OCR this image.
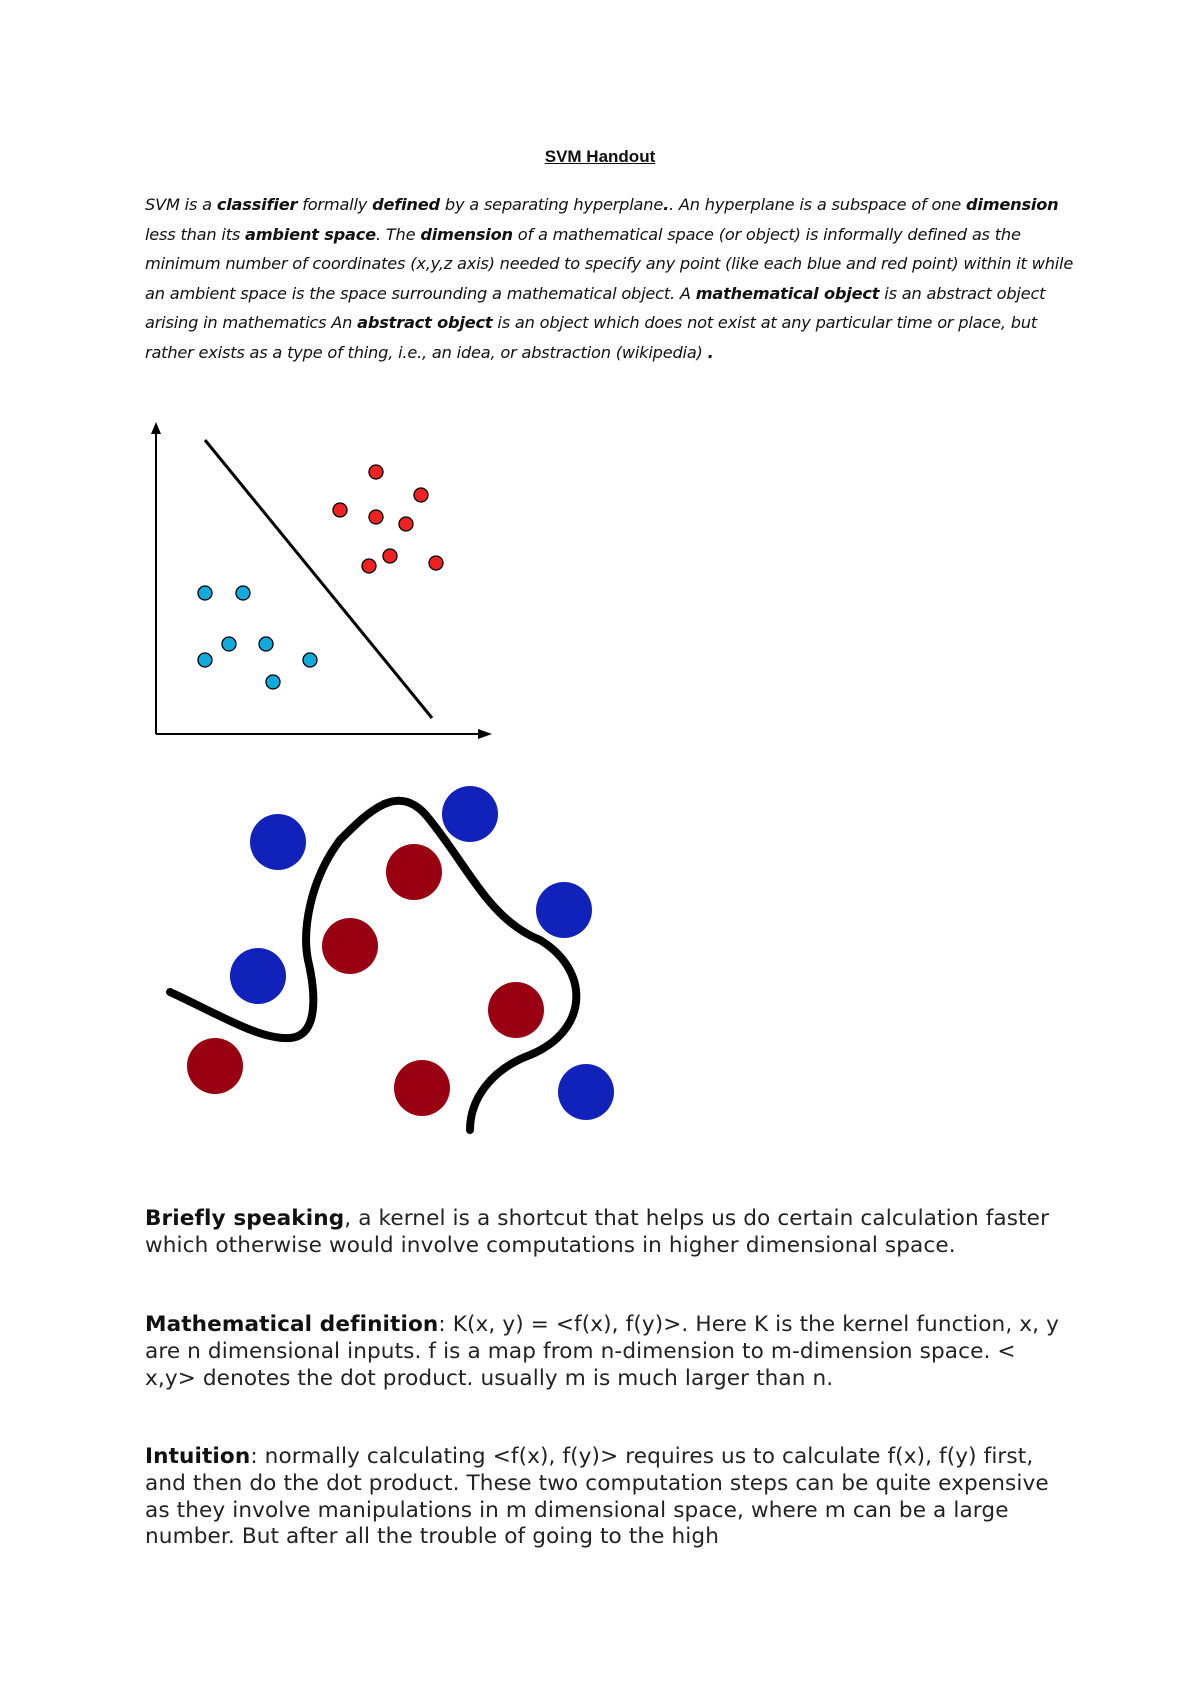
SVM Handout
SVM is a classifier formally defined by a separating hyperplane.. An hyperplane is a subspace of one dimension less than its ambient space. The dimension of a mathematical space (or object) is informally defined as the minimum number of coordinates (x,y,z axis) needed to specify any point (like each blue and red point) within it while an ambient space is the space surrounding a mathematical object. A mathematical object is an abstract object arising in mathematics An abstract object is an object which does not exist at any particular time or place, but rather exists as a type of thing, i.e., an idea, or abstraction (wikipedia) .
Briefly speaking, a kernel is a shortcut that helps us do certain calculation faster which otherwise would involve computations in higher dimensional space.
Mathematical definition: K(x, y) = <f(x), f(y)>. Here K is the kernel function, x, y are n dimensional inputs. f is a map from n-dimension to m-dimension space. < x,y> denotes the dot product. usually m is much larger than n.
Intuition: normally calculating <f(x), f(y)> requires us to calculate f(x), f(y) first, and then do the dot product. These two computation steps can be quite expensive as they involve manipulations in m dimensional space, where m can be a large number. But after all the trouble of going to the high
